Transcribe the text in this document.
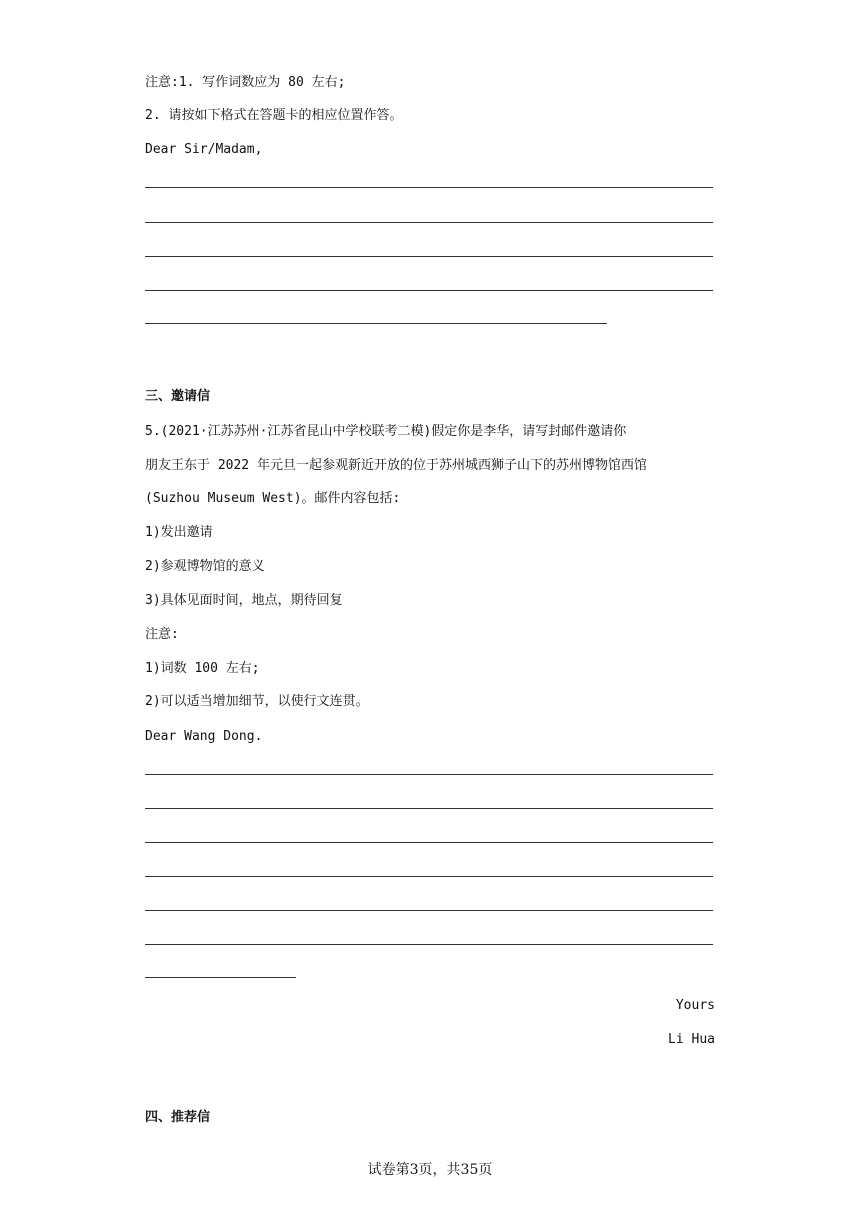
注意:1. 写作词数应为 80 左右;
2. 请按如下格式在答题卡的相应位置作答。
Dear Sir/Madam,
三、邀请信
5.(2021·江苏苏州·江苏省昆山中学校联考二模)假定你是李华，请写封邮件邀请你
朋友王东于 2022 年元旦一起参观新近开放的位于苏州城西狮子山下的苏州博物馆西馆
(Suzhou Museum West)。邮件内容包括:
1)发出邀请
2)参观博物馆的意义
3)具体见面时间，地点，期待回复
注意:
1)词数 100 左右;
2)可以适当增加细节，以使行文连贯。
Dear Wang Dong.
Yours
Li Hua
四、推荐信
试卷第3页，共35页
